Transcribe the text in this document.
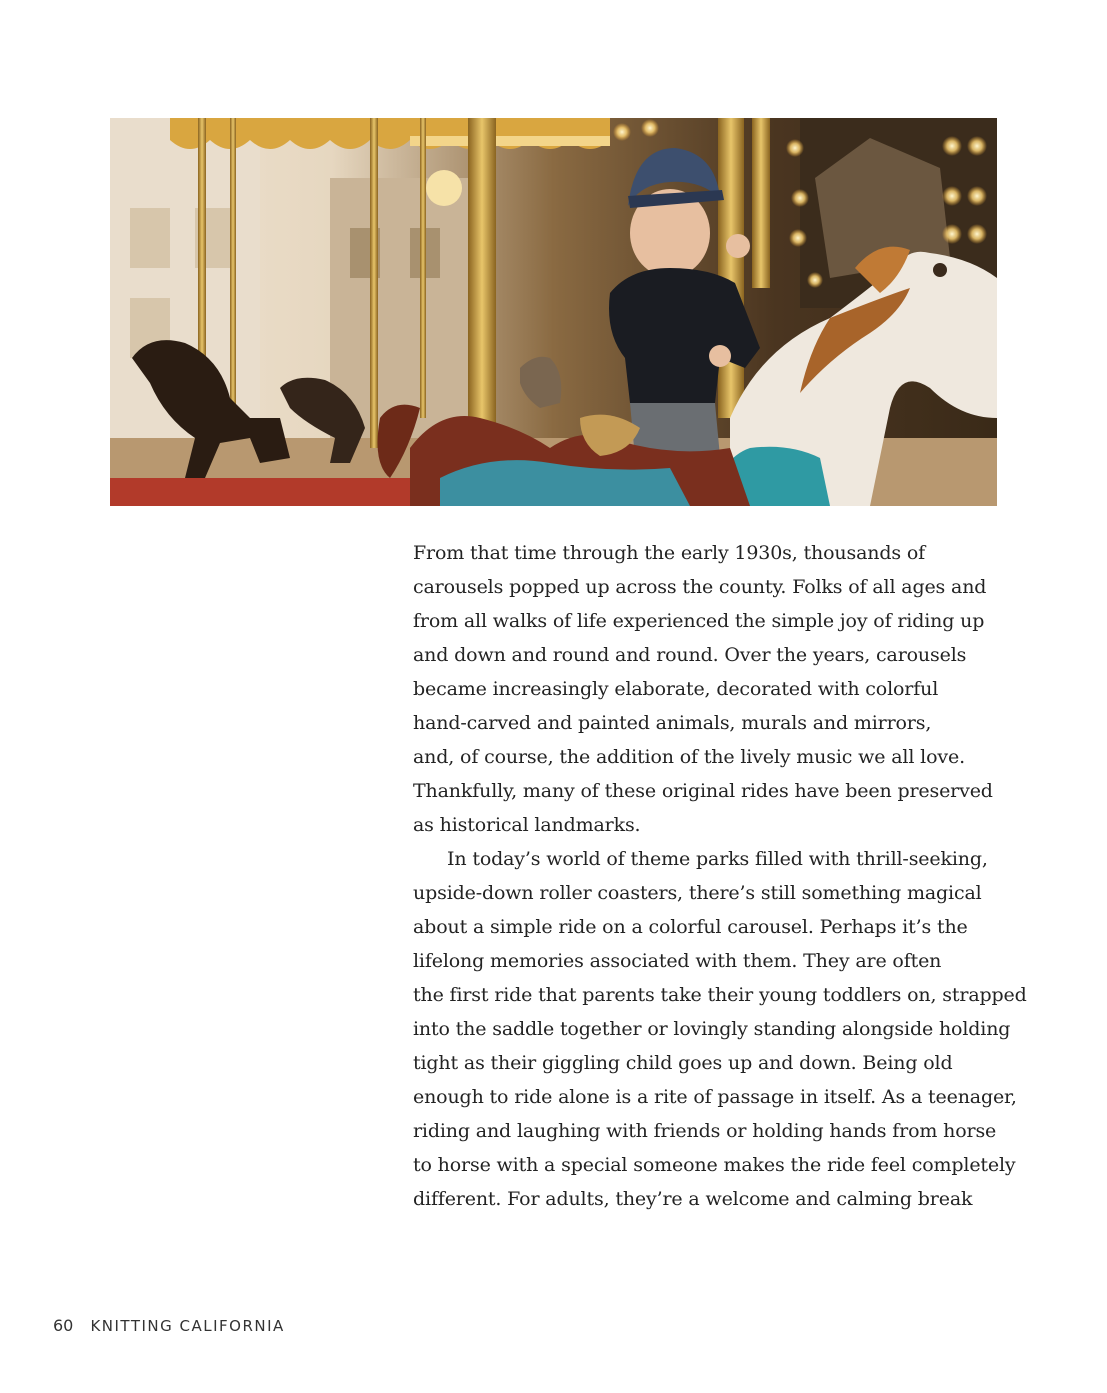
From that time through the early 1930s, thousands of
carousels popped up across the county. Folks of all ages and
from all walks of life experienced the simple joy of riding up
and down and round and round. Over the years, carousels
became increasingly elaborate, decorated with colorful
hand-carved and painted animals, murals and mirrors,
and, of course, the addition of the lively music we all love.
Thankfully, many of these original rides have been preserved
as historical landmarks.
In today’s world of theme parks filled with thrill-seeking,
upside-down roller coasters, there’s still something magical
about a simple ride on a colorful carousel. Perhaps it’s the
lifelong memories associated with them. They are often
the first ride that parents take their young toddlers on, strapped
into the saddle together or lovingly standing alongside holding
tight as their giggling child goes up and down. Being old
enough to ride alone is a rite of passage in itself. As a teenager,
riding and laughing with friends or holding hands from horse
to horse with a special someone makes the ride feel completely
different. For adults, they’re a welcome and calming break
60 KNITTING CALIFORNIA
